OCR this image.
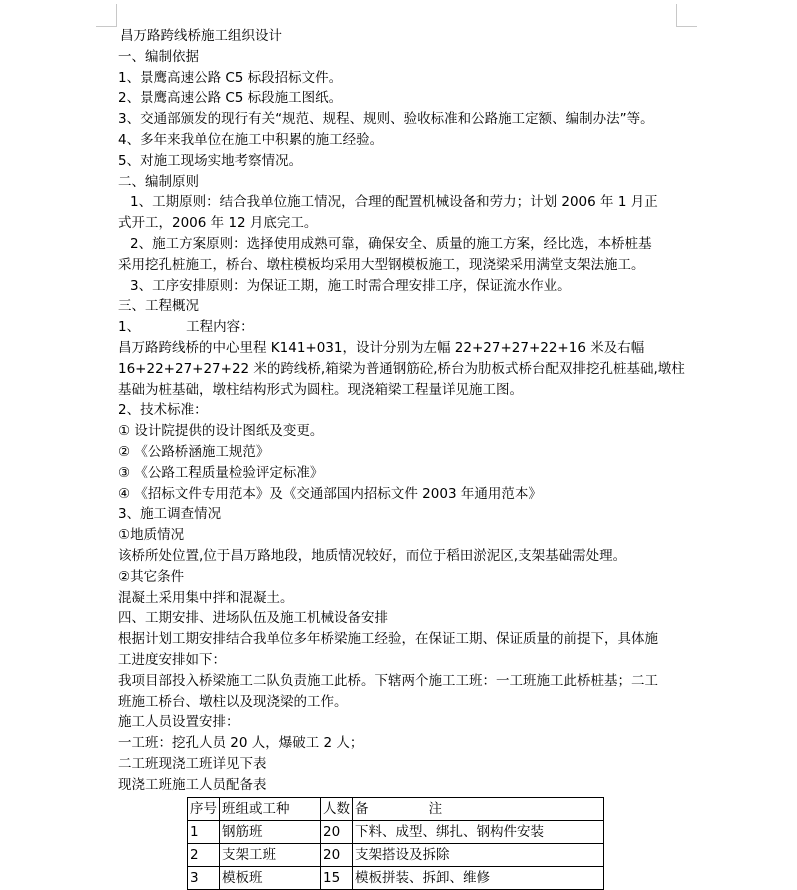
昌万路跨线桥施工组织设计
一、编制依据
1、景鹰高速公路 C5 标段招标文件。
2、景鹰高速公路 C5 标段施工图纸。
3、交通部颁发的现行有关“规范、规程、规则、验收标准和公路施工定额、编制办法”等。
4、多年来我单位在施工中积累的施工经验。
5、对施工现场实地考察情况。
二、编制原则
1、工期原则：结合我单位施工情况，合理的配置机械设备和劳力；计划 2006 年 1 月正
式开工，2006 年 12 月底完工。
2、施工方案原则：选择使用成熟可靠，确保安全、质量的施工方案，经比选，本桥桩基
采用挖孔桩施工，桥台、墩柱模板均采用大型钢模板施工，现浇梁采用满堂支架法施工。
3、工序安排原则：为保证工期，施工时需合理安排工序，保证流水作业。
三、工程概况
1、	工程内容：
昌万路跨线桥的中心里程 K141+031，设计分别为左幅 22+27+27+22+16 米及右幅
16+22+27+27+22 米的跨线桥,箱梁为普通钢筋砼,桥台为肋板式桥台配双排挖孔桩基础,墩柱
基础为桩基础，墩柱结构形式为圆柱。现浇箱梁工程量详见施工图。
2、技术标准：
① 设计院提供的设计图纸及变更。
② 《公路桥涵施工规范》
③ 《公路工程质量检验评定标准》
④ 《招标文件专用范本》及《交通部国内招标文件 2003 年通用范本》
3、施工调查情况
①地质情况
该桥所处位置,位于昌万路地段，地质情况较好，而位于稻田淤泥区,支架基础需处理。
②其它条件
混凝土采用集中拌和混凝土。
四、工期安排、进场队伍及施工机械设备安排
根据计划工期安排结合我单位多年桥梁施工经验，在保证工期、保证质量的前提下，具体施
工进度安排如下：
我项目部投入桥梁施工二队负责施工此桥。下辖两个施工工班：一工班施工此桥桩基；二工
班施工桥台、墩柱以及现浇梁的工作。
施工人员设置安排：
一工班：挖孔人员 20 人，爆破工 2 人；
二工班现浇工班详见下表
现浇工班施工人员配备表
序号	班组或工种	人数	备              注
1	钢筋班	20	下料、成型、绑扎、钢构件安装
2	支架工班	20	支架搭设及拆除
3	模板班	15	模板拼装、拆卸、维修
